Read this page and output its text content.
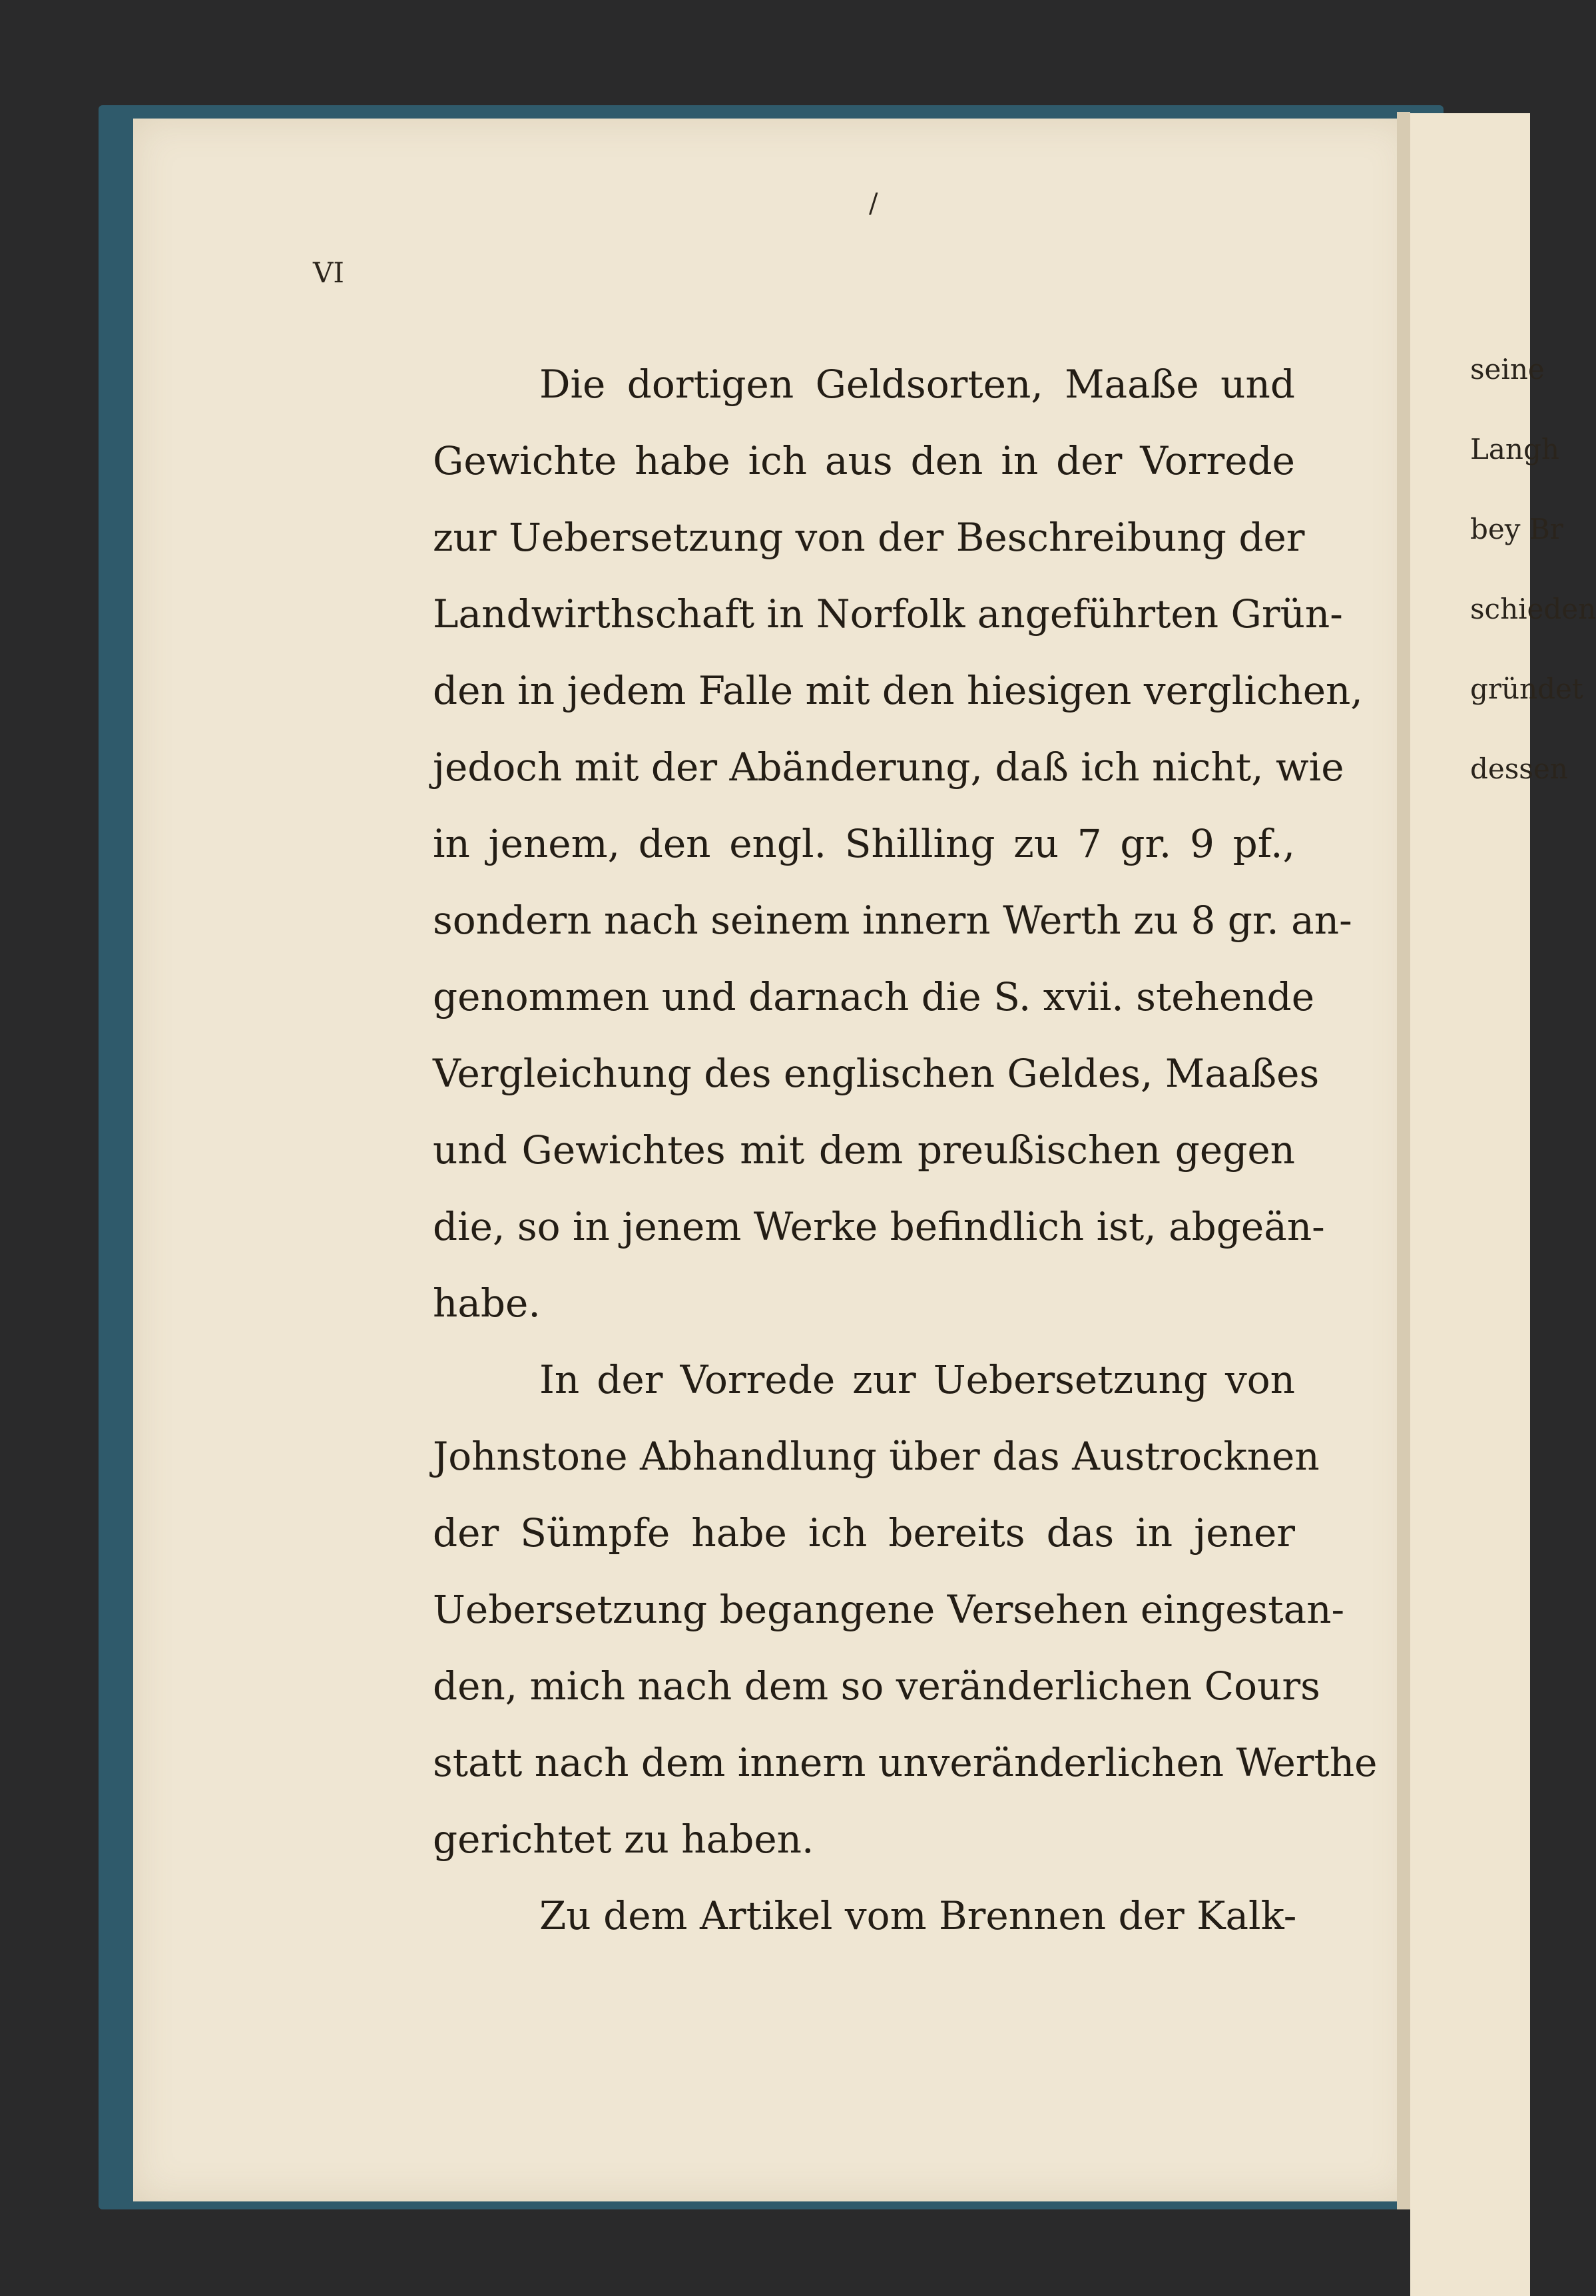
seine
Langh
bey Br
schieden
gründet
dessen
/
VI
Die dortigen Geldsorten, Maaße und
Gewichte habe ich aus den in der Vorrede
zur Uebersetzung von der Beschreibung der
Landwirthschaft in Norfolk angeführten Grün-
den in jedem Falle mit den hiesigen verglichen,
jedoch mit der Abänderung, daß ich nicht, wie
in jenem, den engl. Shilling zu 7 gr. 9 pf.,
sondern nach seinem innern Werth zu 8 gr. an-
genommen und darnach die S. xvii. stehende
Vergleichung des englischen Geldes, Maaßes
und Gewichtes mit dem preußischen gegen
die, so in jenem Werke befindlich ist, abgeän-
habe.
In der Vorrede zur Uebersetzung von
Johnstone Abhandlung über das Austrocknen
der Sümpfe habe ich bereits das in jener
Uebersetzung begangene Versehen eingestan-
den, mich nach dem so veränderlichen Cours
statt nach dem innern unveränderlichen Werthe
gerichtet zu haben.
Zu dem Artikel vom Brennen der Kalk-
